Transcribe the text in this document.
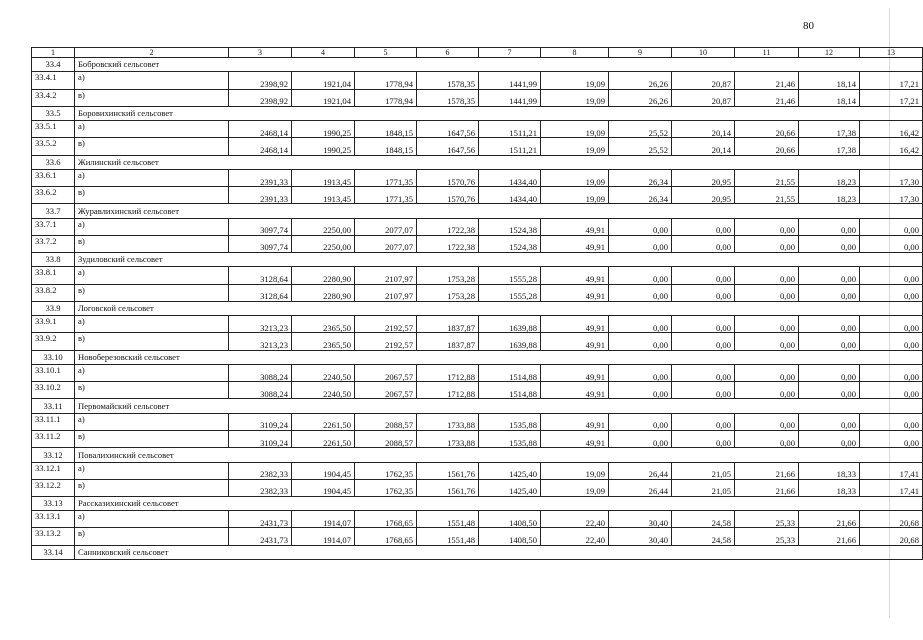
80
1	2	3	4	5	6	7	8	9	10	11	12	13
33.4	Бобровский сельсовет											
33.4.1	а)	2398,92	1921,04	1778,94	1578,35	1441,99	19,09	26,26	20,87	21,46	18,14	17,21
33.4.2	в)	2398,92	1921,04	1778,94	1578,35	1441,99	19,09	26,26	20,87	21,46	18,14	17,21
33.5	Боровихинский сельсовет											
33.5.1	а)	2468,14	1990,25	1848,15	1647,56	1511,21	19,09	25,52	20,14	20,66	17,38	16,42
33.5.2	в)	2468,14	1990,25	1848,15	1647,56	1511,21	19,09	25,52	20,14	20,66	17,38	16,42
33.6	Жилинский сельсовет											
33.6.1	а)	2391,33	1913,45	1771,35	1570,76	1434,40	19,09	26,34	20,95	21,55	18,23	17,30
33.6.2	в)	2391,33	1913,45	1771,35	1570,76	1434,40	19,09	26,34	20,95	21,55	18,23	17,30
33.7	Журавлихинский сельсовет											
33.7.1	а)	3097,74	2250,00	2077,07	1722,38	1524,38	49,91	0,00	0,00	0,00	0,00	0,00
33.7.2	в)	3097,74	2250,00	2077,07	1722,38	1524,38	49,91	0,00	0,00	0,00	0,00	0,00
33.8	Зудиловский сельсовет											
33.8.1	а)	3128,64	2280,90	2107,97	1753,28	1555,28	49,91	0,00	0,00	0,00	0,00	0,00
33.8.2	в)	3128,64	2280,90	2107,97	1753,28	1555,28	49,91	0,00	0,00	0,00	0,00	0,00
33.9	Логовской сельсовет											
33.9.1	а)	3213,23	2365,50	2192,57	1837,87	1639,88	49,91	0,00	0,00	0,00	0,00	0,00
33.9.2	в)	3213,23	2365,50	2192,57	1837,87	1639,88	49,91	0,00	0,00	0,00	0,00	0,00
33.10	Новоберезовский сельсовет											
33.10.1	а)	3088,24	2240,50	2067,57	1712,88	1514,88	49,91	0,00	0,00	0,00	0,00	0,00
33.10.2	в)	3088,24	2240,50	2067,57	1712,88	1514,88	49,91	0,00	0,00	0,00	0,00	0,00
33.11	Первомайский сельсовет											
33.11.1	а)	3109,24	2261,50	2088,57	1733,88	1535,88	49,91	0,00	0,00	0,00	0,00	0,00
33.11.2	в)	3109,24	2261,50	2088,57	1733,88	1535,88	49,91	0,00	0,00	0,00	0,00	0,00
33.12	Повалихинский сельсовет											
33.12.1	а)	2382,33	1904,45	1762,35	1561,76	1425,40	19,09	26,44	21,05	21,66	18,33	17,41
33.12.2	в)	2382,33	1904,45	1762,35	1561,76	1425,40	19,09	26,44	21,05	21,66	18,33	17,41
33.13	Рассказихинский сельсовет											
33.13.1	а)	2431,73	1914,07	1768,65	1551,48	1408,50	22,40	30,40	24,58	25,33	21,66	20,68
33.13.2	в)	2431,73	1914,07	1768,65	1551,48	1408,50	22,40	30,40	24,58	25,33	21,66	20,68
33.14	Санниковский сельсовет											
